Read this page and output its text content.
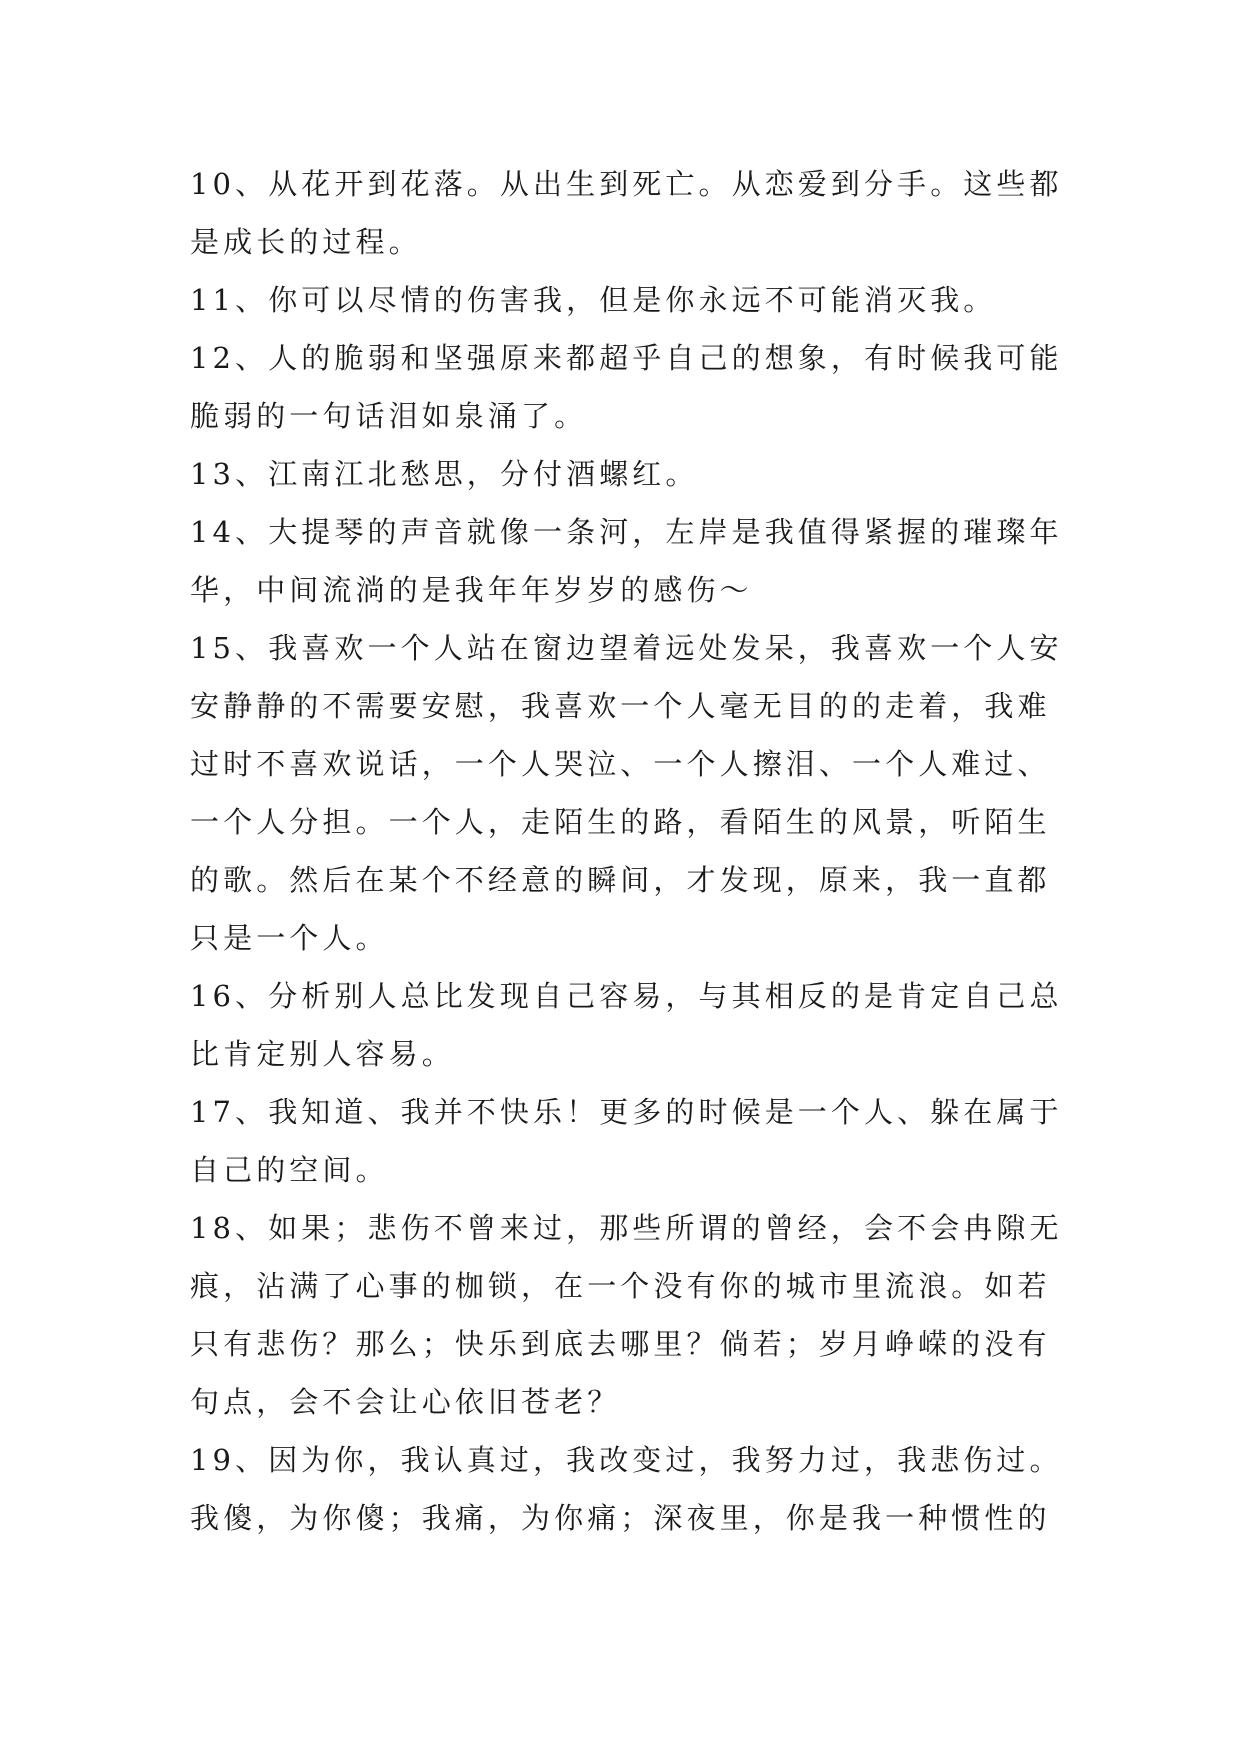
10、从花开到花落。从出生到死亡。从恋爱到分手。这些都
是成长的过程。
11、你可以尽情的伤害我，但是你永远不可能消灭我。
12、人的脆弱和坚强原来都超乎自己的想象，有时候我可能
脆弱的一句话泪如泉涌了。
13、江南江北愁思，分付酒螺红。
14、大提琴的声音就像一条河，左岸是我值得紧握的璀璨年
华，中间流淌的是我年年岁岁的感伤～
15、我喜欢一个人站在窗边望着远处发呆，我喜欢一个人安
安静静的不需要安慰，我喜欢一个人毫无目的的走着，我难
过时不喜欢说话，一个人哭泣、一个人擦泪、一个人难过、
一个人分担。一个人，走陌生的路，看陌生的风景，听陌生
的歌。然后在某个不经意的瞬间，才发现，原来，我一直都
只是一个人。
16、分析别人总比发现自己容易，与其相反的是肯定自己总
比肯定别人容易。
17、我知道、我并不快乐！更多的时候是一个人、躲在属于
自己的空间。
18、如果；悲伤不曾来过，那些所谓的曾经，会不会冉隙无
痕，沾满了心事的枷锁，在一个没有你的城市里流浪。如若
只有悲伤？那么；快乐到底去哪里？倘若；岁月峥嵘的没有
句点，会不会让心依旧苍老？
19、因为你，我认真过，我改变过，我努力过，我悲伤过。
我傻，为你傻；我痛，为你痛；深夜里，你是我一种惯性的
